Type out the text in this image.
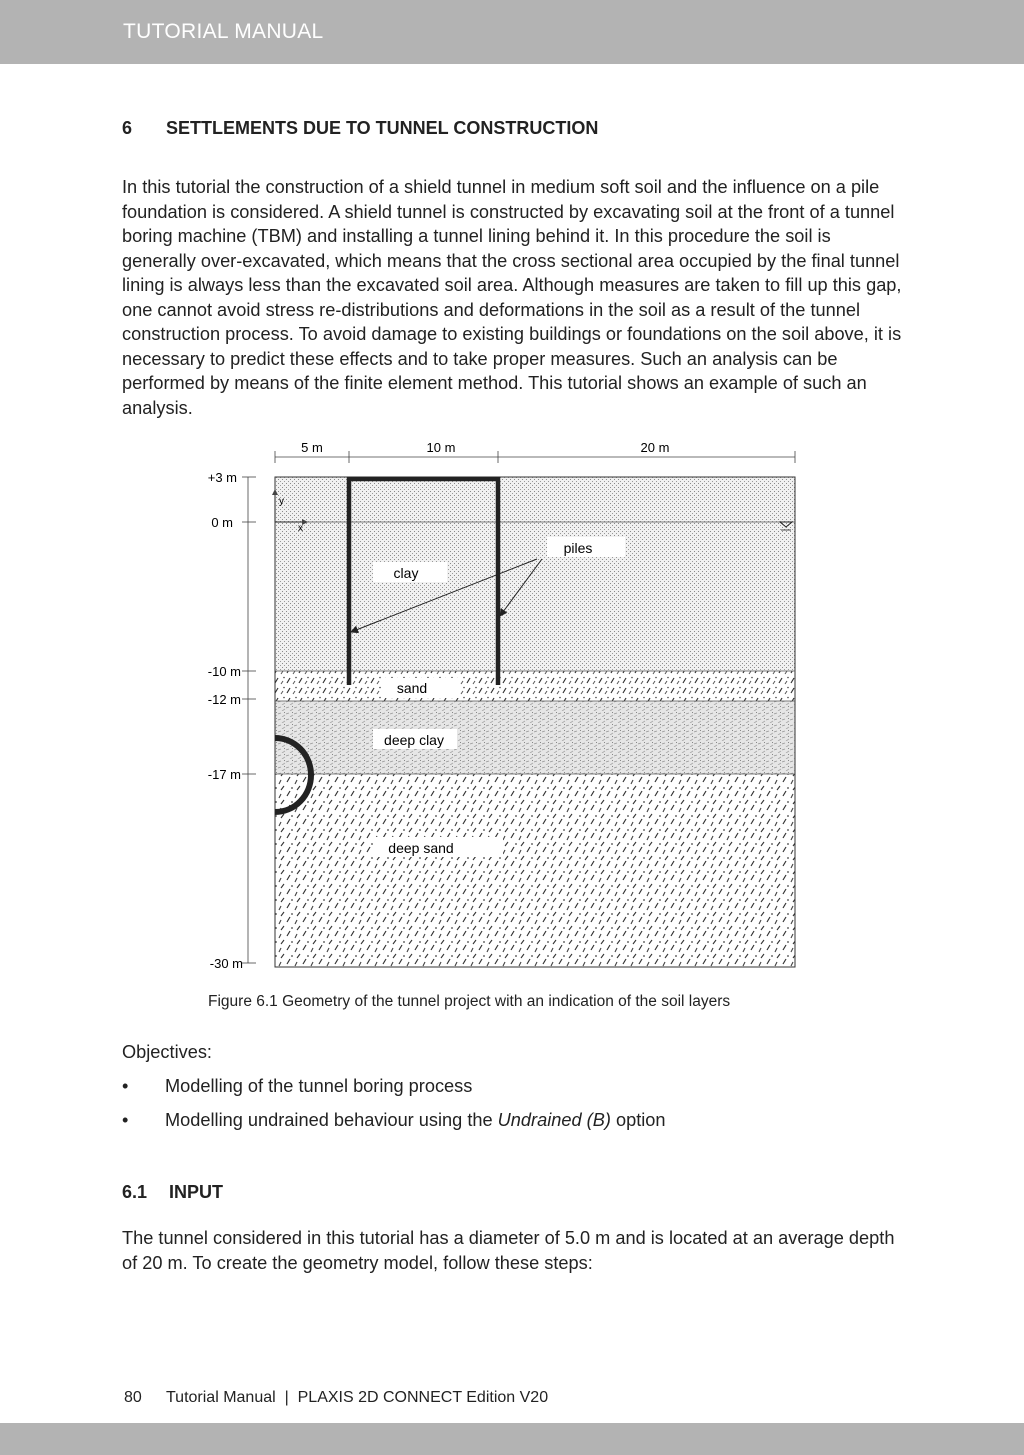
TUTORIAL MANUAL
6 SETTLEMENTS DUE TO TUNNEL CONSTRUCTION

In this tutorial the construction of a shield tunnel in medium soft soil and the influence on a pile foundation is considered. A shield tunnel is constructed by excavating soil at the front of a tunnel boring machine (TBM) and installing a tunnel lining behind it. In this procedure the soil is generally over-excavated, which means that the cross sectional area occupied by the final tunnel lining is always less than the excavated soil area. Although measures are taken to fill up this gap, one cannot avoid stress re-distributions and deformations in the soil as a result of the tunnel construction process. To avoid damage to existing buildings or foundations on the soil above, it is necessary to predict these effects and to take proper measures. Such an analysis can be performed by means of the finite element method. This tutorial shows an example of such an analysis.

y
x
5 m	10 m	20 m
+3 m
0 m
-10 m
-12 m
-17 m
-30 m
clay
piles
sand
deep clay
deep sand
Figure 6.1 Geometry of the tunnel project with an indication of the soil layers
Objectives:
• Modelling of the tunnel boring process
• Modelling undrained behaviour using the Undrained (B) option
6.1 INPUT

The tunnel considered in this tutorial has a diameter of 5.0 m and is located at an average depth of 20 m. To create the geometry model, follow these steps:

80 Tutorial Manual  |  PLAXIS 2D CONNECT Edition V20
